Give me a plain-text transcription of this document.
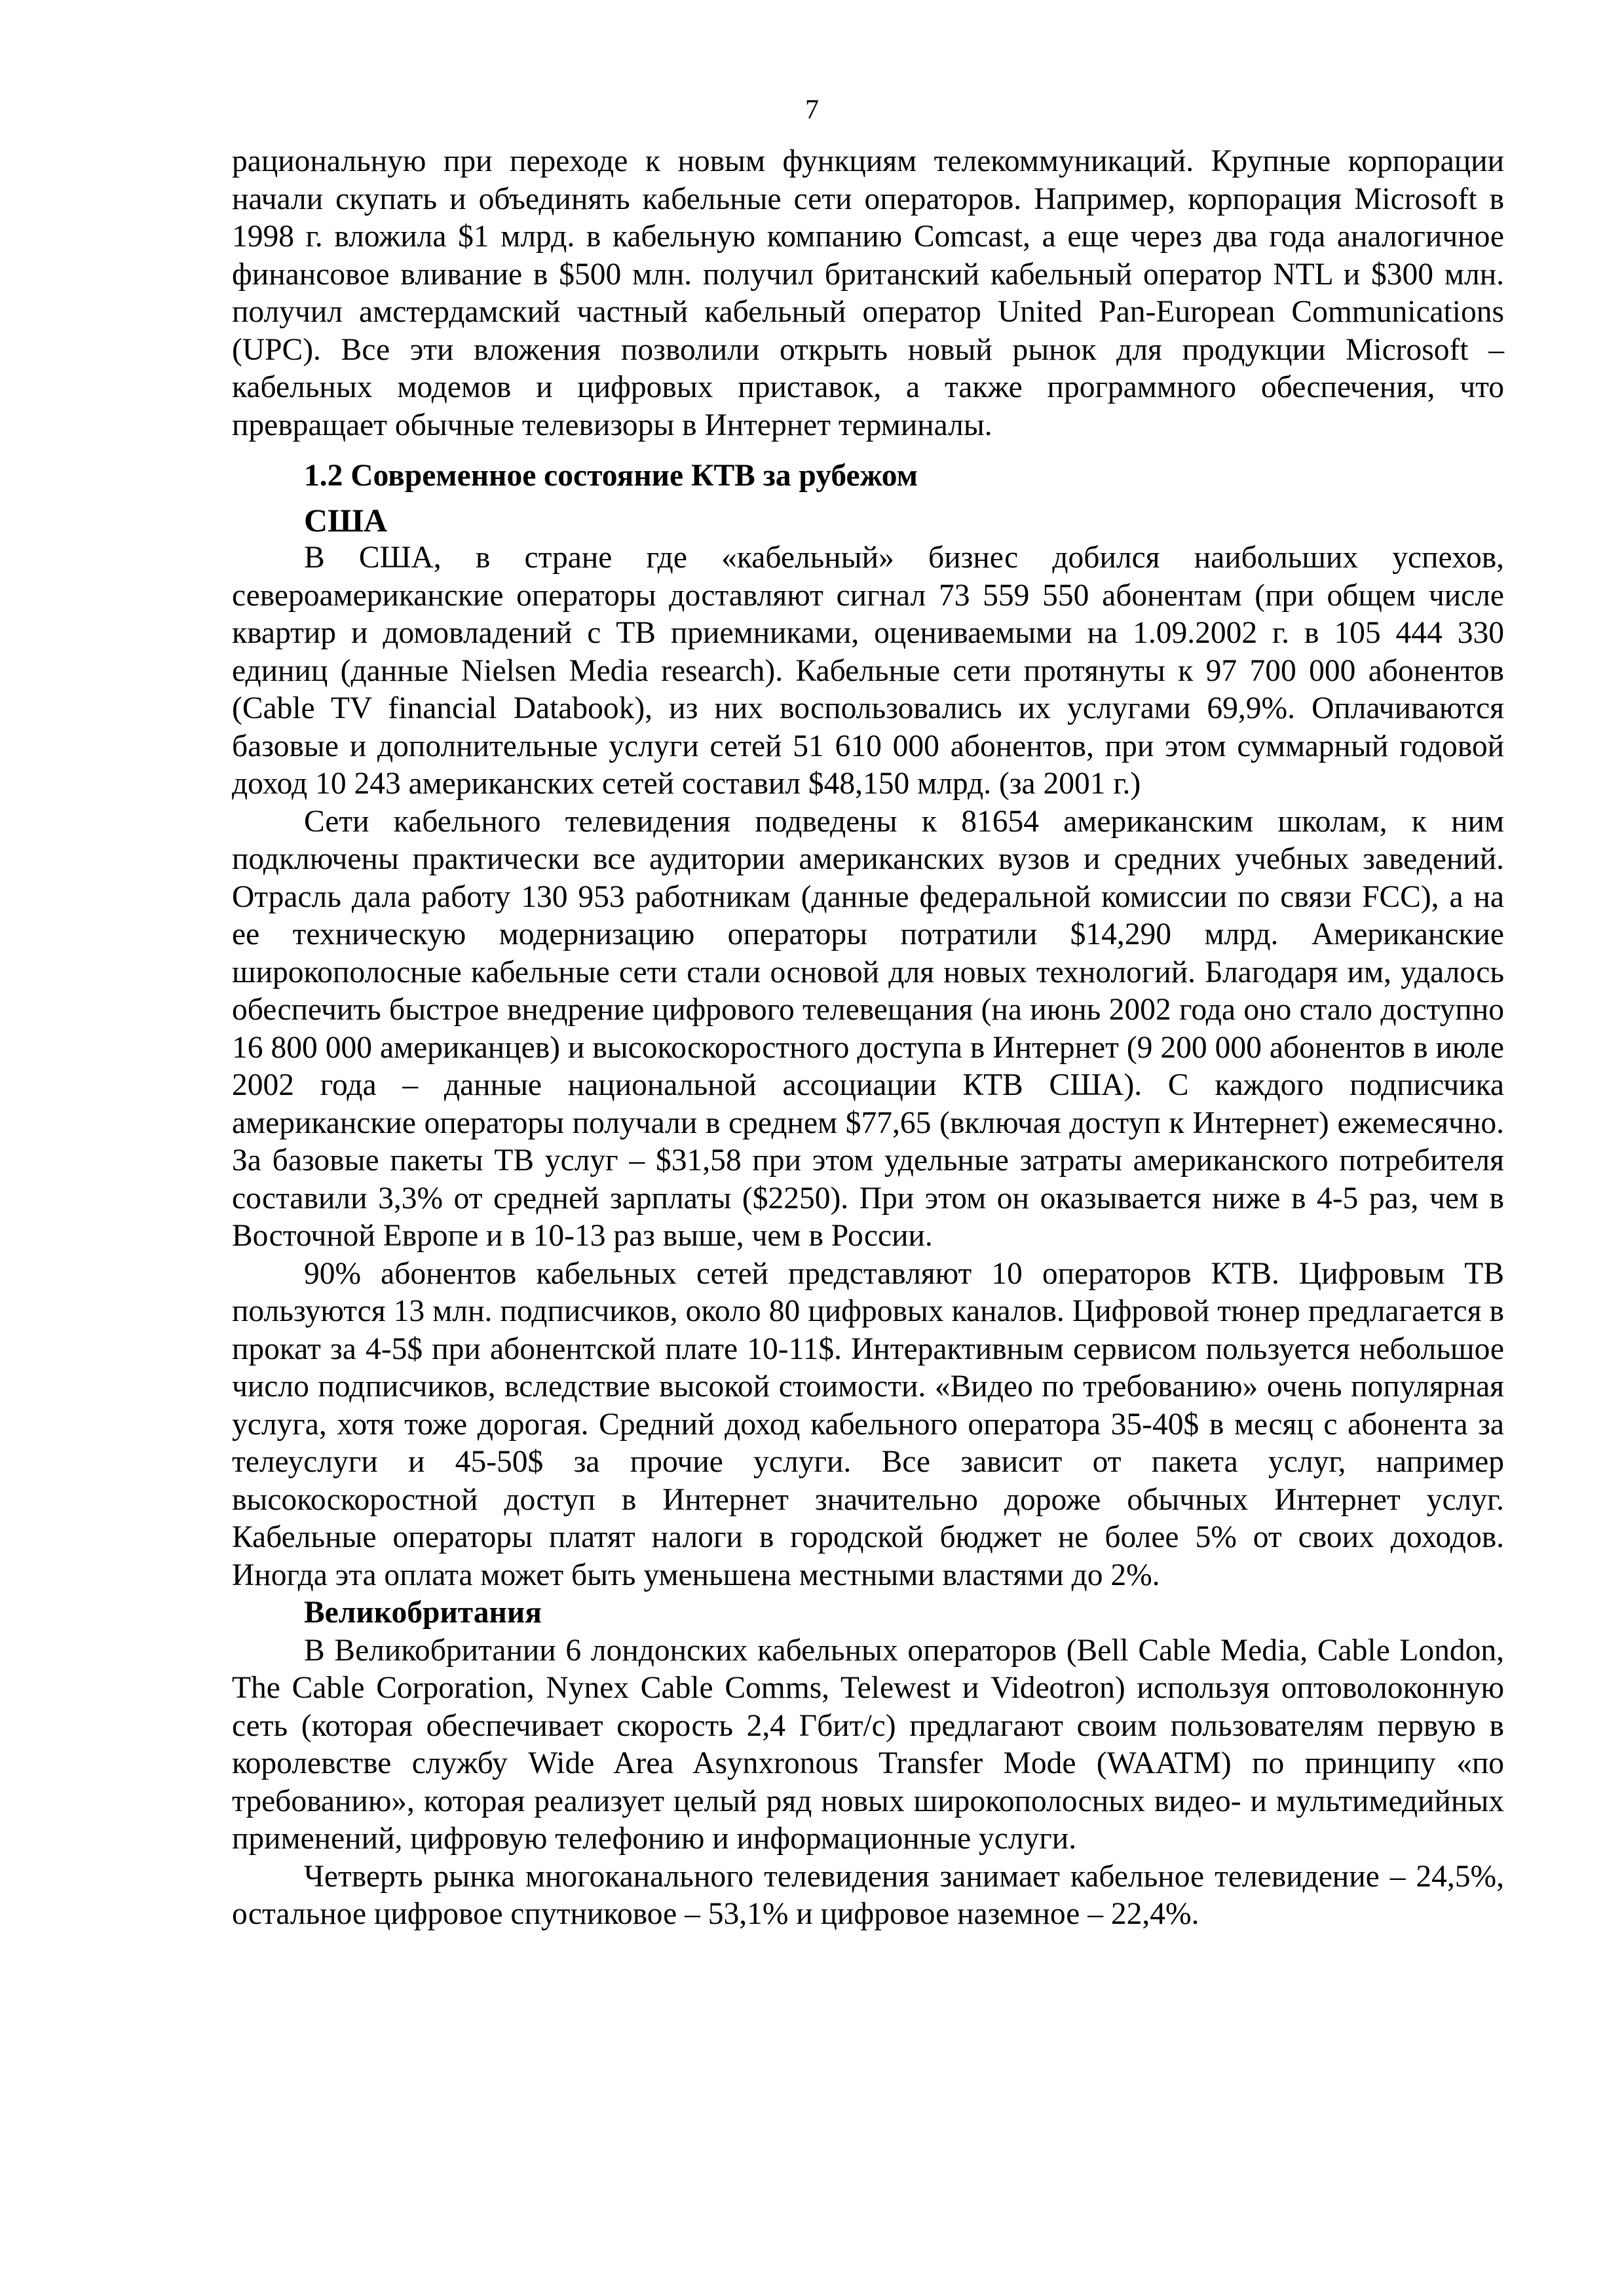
7

рациональную при переходе к новым функциям телекоммуникаций. Крупные корпорации начали скупать и объединять кабельные сети операторов. Например, корпорация Microsoft в 1998 г. вложила $1 млрд. в кабельную компанию Comcast, а еще через два года аналогичное финансовое вливание в $500 млн. получил британский кабельный оператор NTL и $300 млн. получил амстердамский частный кабельный оператор United Pan-European Communications (UPC). Все эти вложения позволили открыть новый рынок для продукции Microsoft – кабельных модемов и цифровых приставок, а также программного обеспечения, что превращает обычные телевизоры в Интернет терминалы.

1.2 Современное состояние КТВ за рубежом
США

В США, в стране где «кабельный» бизнес добился наибольших успехов, североамериканские операторы доставляют сигнал 73 559 550 абонентам (при общем числе квартир и домовладений с ТВ приемниками, оцениваемыми на 1.09.2002 г. в 105 444 330 единиц (данные Nielsen Media research). Кабельные сети протянуты к 97 700 000 абонентов (Cable TV financial Databook), из них воспользовались их услугами 69,9%. Оплачиваются базовые и дополнительные услуги сетей 51 610 000 абонентов, при этом суммарный годовой доход 10 243 американских сетей составил $48,150 млрд. (за 2001 г.)

Сети кабельного телевидения подведены к 81654 американским школам, к ним подключены практически все аудитории американских вузов и средних учебных заведений. Отрасль дала работу 130 953 работникам (данные федеральной комиссии по связи FCC), а на ее техническую модернизацию операторы потратили $14,290 млрд. Американские широкополосные кабельные сети стали основой для новых технологий. Благодаря им, удалось обеспечить быстрое внедрение цифрового телевещания (на июнь 2002 года оно стало доступно 16 800 000 американцев) и высокоскоростного доступа в Интернет (9 200 000 абонентов в июле 2002 года – данные национальной ассоциации КТВ США). С каждого подписчика американские операторы получали в среднем $77,65 (включая доступ к Интернет) ежемесячно. За базовые пакеты ТВ услуг – $31,58 при этом удельные затраты американского потребителя составили 3,3% от средней зарплаты ($2250). При этом он оказывается ниже в 4-5 раз, чем в Восточной Европе и в 10-13 раз выше, чем в России.

90% абонентов кабельных сетей представляют 10 операторов КТВ. Цифровым ТВ пользуются 13 млн. подписчиков, около 80 цифровых каналов. Цифровой тюнер предлагается в прокат за 4-5$ при абонентской плате 10-11$. Интерактивным сервисом пользуется небольшое число подписчиков, вследствие высокой стоимости. «Видео по требованию» очень популярная услуга, хотя тоже дорогая. Средний доход кабельного оператора 35-40$ в месяц с абонента за телеуслуги и 45-50$ за прочие услуги. Все зависит от пакета услуг, например высокоскоростной доступ в Интернет значительно дороже обычных Интернет услуг. Кабельные операторы платят налоги в городской бюджет не более 5% от своих доходов. Иногда эта оплата может быть уменьшена местными властями до 2%.

Великобритания

В Великобритании 6 лондонских кабельных операторов (Bell Cable Media, Cable London, The Cable Corporation, Nynex Cable Comms, Telewest и Videotron) используя оптоволоконную сеть (которая обеспечивает скорость 2,4 Гбит/с) предлагают своим пользователям первую в королевстве службу Wide Area Asynxronous Transfer Mode (WAATM) по принципу «по требованию», которая реализует целый ряд новых широкополосных видео- и мультимедийных применений, цифровую телефонию и информационные услуги.

Четверть рынка многоканального телевидения занимает кабельное телевидение – 24,5%, остальное цифровое спутниковое – 53,1% и цифровое наземное – 22,4%.
